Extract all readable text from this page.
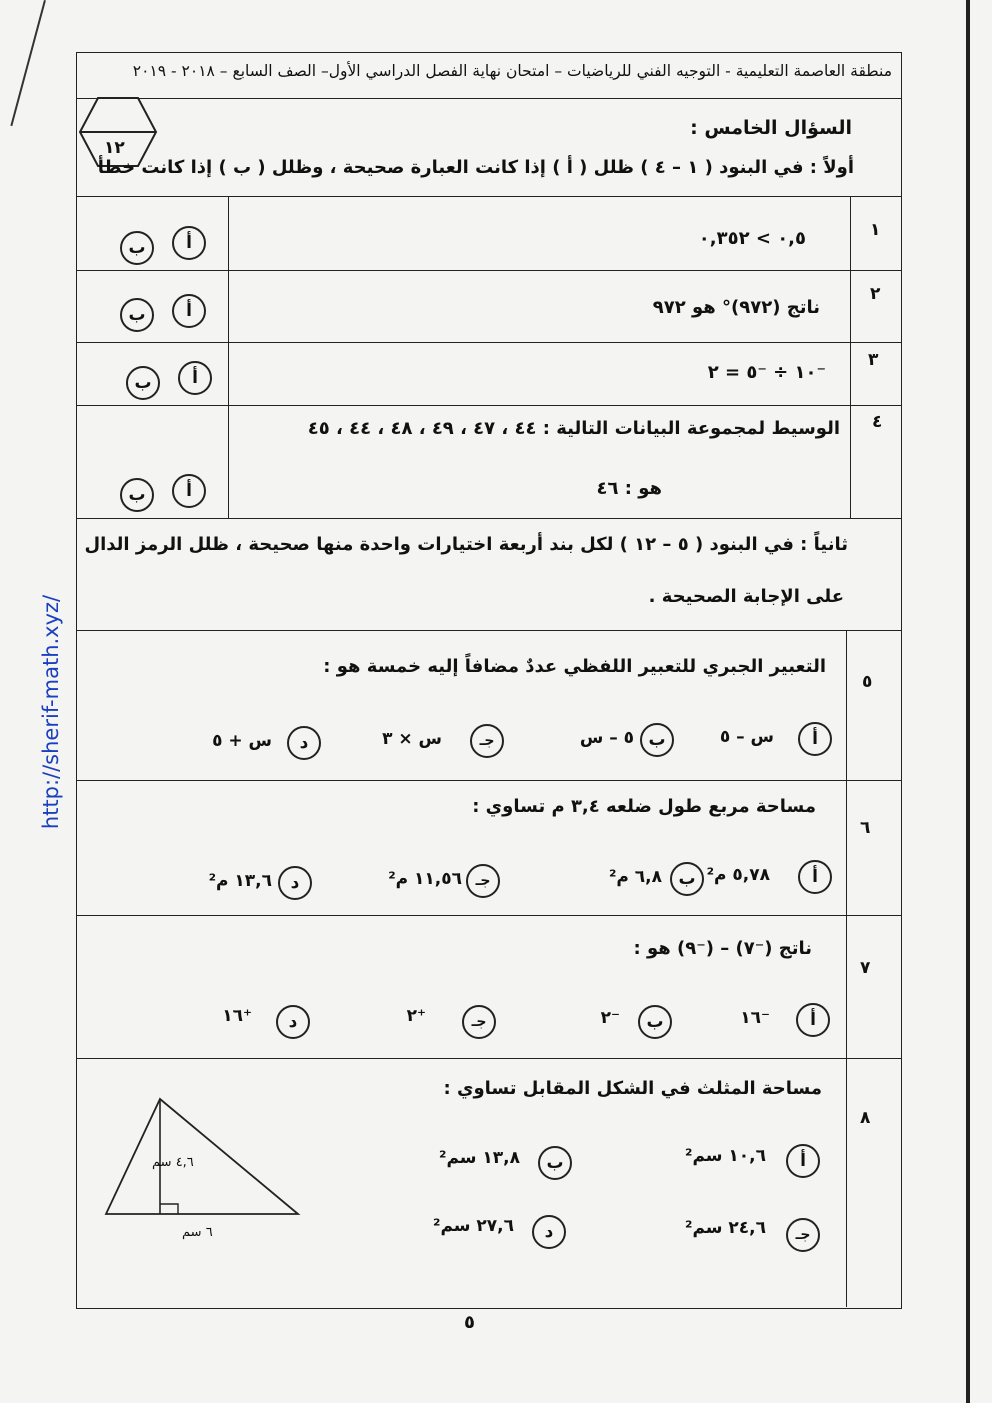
http://sherif-math.xyz/
منطقة العاصمة التعليمية - التوجيه الفني للرياضيات – امتحان نهاية الفصل الدراسي الأول– الصف السابع – ٢٠١٨ - ٢٠١٩
١٢
السؤال الخامس :
أولاً : في البنود ( ١ – ٤ ) ظلل ( أ ) إذا كانت العبارة صحيحة ، وظلل ( ب ) إذا كانت خطأ
١
٠,٥ > ٠,٣٥٢
أ
ب
٢
ناتج (٩٧٢)° هو ٩٧٢
أ
ب
٣
⁻١٠ ÷ ⁻٥ = ٢
أ
ب
٤
الوسيط لمجموعة البيانات التالية : ٤٤ ، ٤٧ ، ٤٩ ، ٤٨ ، ٤٤ ، ٤٥
هو : ٤٦
أ
ب
ثانياً : في البنود ( ٥ – ١٢ ) لكل بند أربعة اختيارات واحدة منها صحيحة ، ظلل الرمز الدال
على الإجابة الصحيحة .
٥
التعبير الجبري للتعبير اللفظي عددٌ مضافاً إليه خمسة هو :
أ
س – ٥
ب
٥ – س
جـ
س × ٣
د
س + ٥
٦
مساحة مربع طول ضلعه ٣,٤ م تساوي :
أ
٥,٧٨ م²
ب
٦,٨ م²
جـ
١١,٥٦ م²
د
١٣,٦ م²
٧
ناتج (⁻٧) – (⁻٩) هو :
أ
⁻١٦
ب
⁻٢
جـ
⁺٢
د
⁺١٦
٨
مساحة المثلث في الشكل المقابل تساوي :
أ
١٠,٦ سم²
ب
١٣,٨ سم²
جـ
٢٤,٦ سم²
د
٢٧,٦ سم²
٤,٦ سم
٦ سم
٥
